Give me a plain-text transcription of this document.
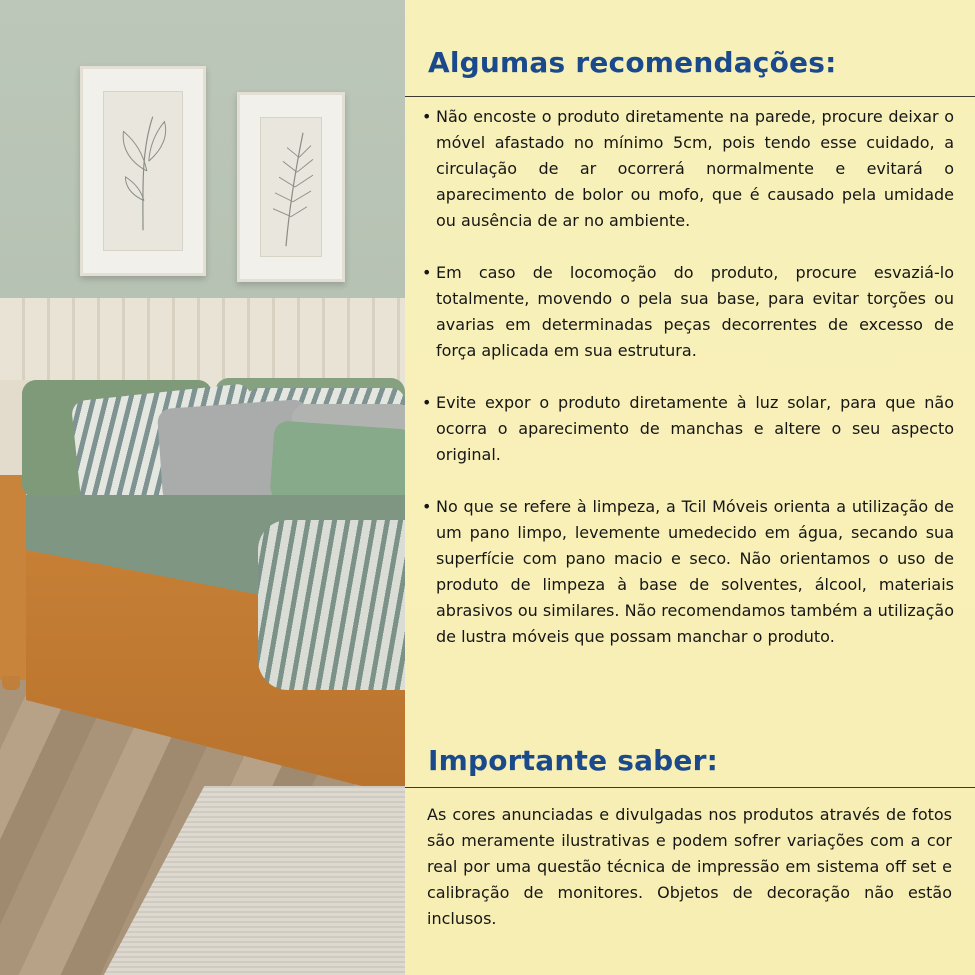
Algumas recomendações:
• Não encoste o produto diretamente na parede, procure deixar o móvel afastado no mínimo 5cm, pois tendo esse cuidado, a circulação de ar ocorrerá normalmente e evitará o aparecimento de bolor ou mofo, que é causado pela umidade ou ausência de ar no ambiente.
• Em caso de locomoção do produto, procure esvaziá-lo totalmente, movendo o pela sua base, para evitar torções ou avarias em determinadas peças decorrentes de excesso de força aplicada em sua estrutura.
• Evite expor o produto diretamente à luz solar, para que não ocorra o aparecimento de manchas e altere o seu aspecto original.
• No que se refere à limpeza, a Tcil Móveis orienta a utilização de um pano limpo, levemente umedecido em água, secando sua superfície com pano macio e seco. Não orientamos o uso de produto de limpeza à base de solventes, álcool, materiais abrasivos ou similares. Não recomendamos também a utilização de lustra móveis que possam manchar o produto.
Importante saber:

As cores anunciadas e divulgadas nos produtos através de fotos são meramente ilustrativas e podem sofrer variações com a cor real por uma questão técnica de impressão em sistema off set e calibração de monitores. Objetos de decoração não estão inclusos.
